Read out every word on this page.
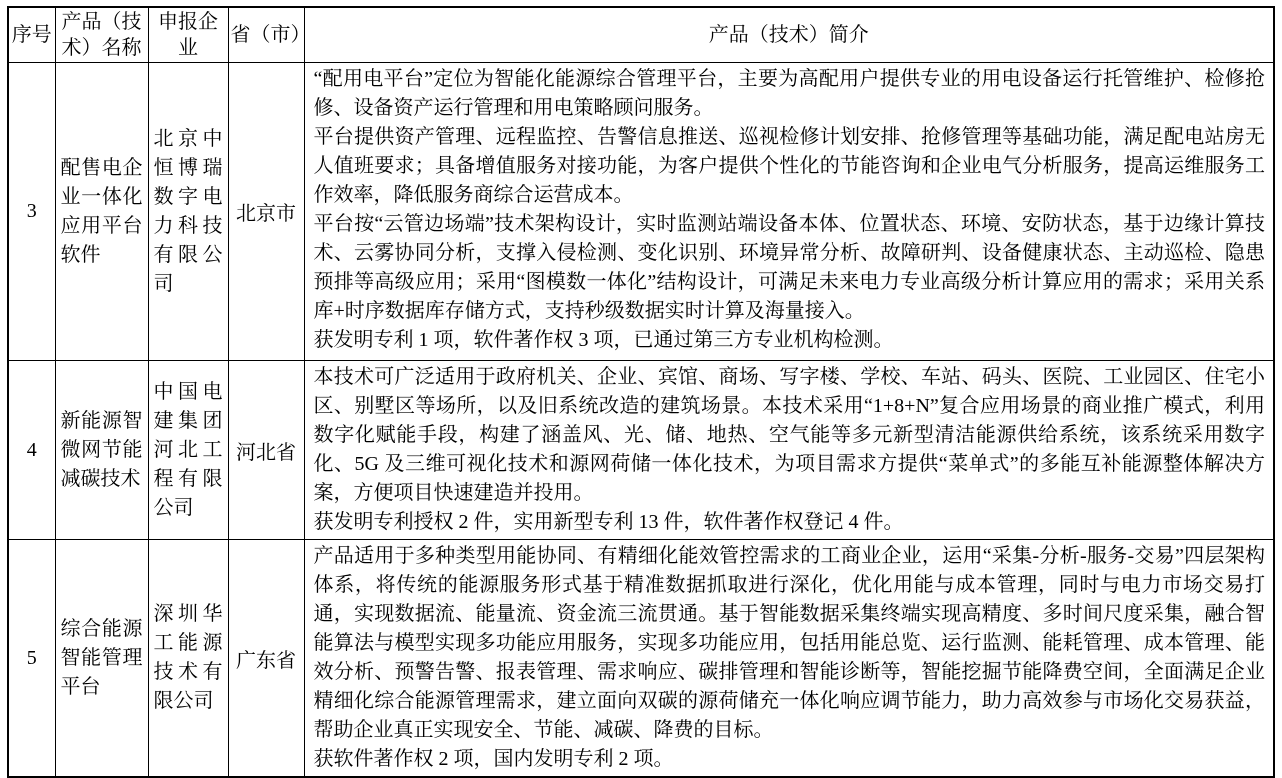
序号	产品（技术）名称	申报企业	省（市）	产品（技术）简介
3	配售电企业一体化应用平台软件	北京中恒博瑞数字电力科技有限公司	北京市	“配用电平台”定位为智能化能源综合管理平台，主要为高配用户提供专业的用电设备运行托管维护、检修抢修、设备资产运行管理和用电策略顾问服务。
平台提供资产管理、远程监控、告警信息推送、巡视检修计划安排、抢修管理等基础功能，满足配电站房无人值班要求；具备增值服务对接功能，为客户提供个性化的节能咨询和企业电气分析服务，提高运维服务工作效率，降低服务商综合运营成本。
平台按“云管边场端”技术架构设计，实时监测站端设备本体、位置状态、环境、安防状态，基于边缘计算技术、云雾协同分析，支撑入侵检测、变化识别、环境异常分析、故障研判、设备健康状态、主动巡检、隐患预排等高级应用；采用“图模数一体化”结构设计，可满足未来电力专业高级分析计算应用的需求；采用关系库+时序数据库存储方式，支持秒级数据实时计算及海量接入。
获发明专利 1 项，软件著作权 3 项，已通过第三方专业机构检测。

4	新能源智微网节能减碳技术	中国电建集团河北工程有限公司	河北省	本技术可广泛适用于政府机关、企业、宾馆、商场、写字楼、学校、车站、码头、医院、工业园区、住宅小区、别墅区等场所，以及旧系统改造的建筑场景。本技术采用“1+8+N”复合应用场景的商业推广模式，利用数字化赋能手段，构建了涵盖风、光、储、地热、空气能等多元新型清洁能源供给系统，该系统采用数字化、5G 及三维可视化技术和源网荷储一体化技术，为项目需求方提供“菜单式”的多能互补能源整体解决方案，方便项目快速建造并投用。
获发明专利授权 2 件，实用新型专利 13 件，软件著作权登记 4 件。

5	综合能源智能管理平台	深圳华工能源技术有限公司	广东省	产品适用于多种类型用能协同、有精细化能效管控需求的工商业企业，运用“采集-分析-服务-交易”四层架构体系，将传统的能源服务形式基于精准数据抓取进行深化，优化用能与成本管理，同时与电力市场交易打通，实现数据流、能量流、资金流三流贯通。基于智能数据采集终端实现高精度、多时间尺度采集，融合智能算法与模型实现多功能应用服务，实现多功能应用，包括用能总览、运行监测、能耗管理、成本管理、能效分析、预警告警、报表管理、需求响应、碳排管理和智能诊断等，智能挖掘节能降费空间，全面满足企业精细化综合能源管理需求，建立面向双碳的源荷储充一体化响应调节能力，助力高效参与市场化交易获益，帮助企业真正实现安全、节能、减碳、降费的目标。
获软件著作权 2 项，国内发明专利 2 项。
